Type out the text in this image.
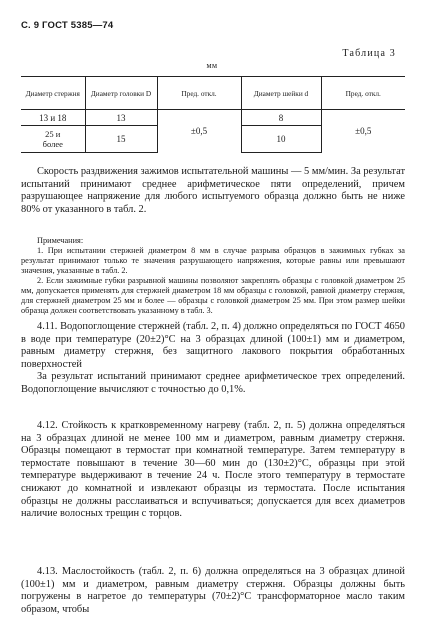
С. 9 ГОСТ 5385—74
Таблица 3
мм
Диаметр стержня	Диаметр головки D	Пред. откл.	Диаметр шейки d	Пред. откл.
13 и 18	13	±0,5	8	±0,5

25 и
более	15		10	

Скорость раздвижения зажимов испытательной машины — 5 мм/мин. За результат испытаний принимают среднее арифметическое пяти определений, причем разрушающее напряжение для любого испытуемого образца должно быть не ниже 80% от указанного в табл. 2.

Примечания:

1. При испытании стержней диаметром 8 мм в случае разрыва образцов в зажимных губках за результат принимают только те значения разрушающего напряжения, которые равны или превышают значения, указанные в табл. 2.

2. Если зажимные губки разрывной машины позволяют закреплять образцы с головкой диаметром 25 мм, допускается применять для стержней диаметром 18 мм образцы с головкой, равной диаметру стержня, для стержней диаметром 25 мм и более — образцы с головкой диаметром 25 мм. При этом размер шейки образца должен соответствовать указанному в табл. 3.

4.11. Водопоглощение стержней (табл. 2, п. 4) должно определяться по ГОСТ 4650 в воде при температуре (20±2)°С на 3 образцах длиной (100±1) мм и диаметром, равным диаметру стержня, без защитного лакового покрытия обработанных поверхностей

За результат испытаний принимают среднее арифметическое трех определений. Водопоглощение вычисляют с точностью до 0,1%.

4.12. Стойкость к кратковременному нагреву (табл. 2, п. 5) должна определяться на 3 образцах длиной не менее 100 мм и диаметром, равным диаметру стержня. Образцы помещают в термостат при комнатной температуре. Затем температуру в термостате повышают в течение 30—60 мин до (130±2)°С, образцы при этой температуре выдерживают в течение 24 ч. После этого температуру в термостате снижают до комнатной и извлекают образцы из термостата. После испытания образцы не должны расслаиваться и вспучиваться; допускается для всех диаметров наличие волосных трещин с торцов.

4.13. Маслостойкость (табл. 2, п. 6) должна определяться на 3 образцах длиной (100±1) мм и диаметром, равным диаметру стержня. Образцы должны быть погружены в нагретое до температуры (70±2)°С трансформаторное масло таким образом, чтобы
